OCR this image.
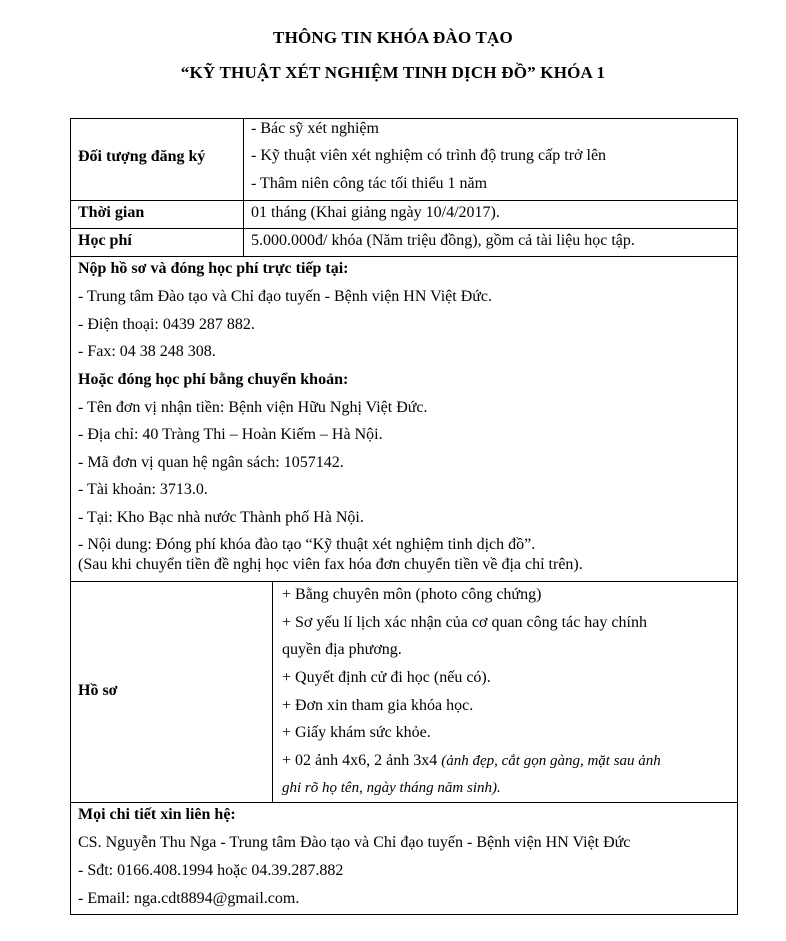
THÔNG TIN KHÓA ĐÀO TẠO
“KỸ THUẬT XÉT NGHIỆM TINH DỊCH ĐỒ” KHÓA 1
Đối tượng đăng ký
- Bác sỹ xét nghiệm
- Kỹ thuật viên xét nghiệm có trình độ trung cấp trở lên
- Thâm niên công tác tối thiểu 1 năm
Thời gian	01 tháng (Khai giảng ngày 10/4/2017).
Học phí	5.000.000đ/ khóa (Năm triệu đồng), gồm cả tài liệu học tập.
Nộp hồ sơ và đóng học phí trực tiếp tại:
- Trung tâm Đào tạo và Chỉ đạo tuyến - Bệnh viện HN Việt Đức.
- Điện thoại: 0439 287 882.
- Fax: 04 38 248 308.
Hoặc đóng học phí bằng chuyển khoản:
- Tên đơn vị nhận tiền: Bệnh viện Hữu Nghị Việt Đức.
- Địa chỉ: 40 Tràng Thi – Hoàn Kiếm – Hà Nội.
- Mã đơn vị quan hệ ngân sách: 1057142.
- Tài khoản: 3713.0.
- Tại: Kho Bạc nhà nước Thành phố Hà Nội.
- Nội dung: Đóng phí khóa đào tạo “Kỹ thuật xét nghiệm tinh dịch đồ”.
(Sau khi chuyển tiền đề nghị học viên fax hóa đơn chuyển tiền về địa chỉ trên).
Hồ sơ
+ Bằng chuyên môn (photo công chứng)
+ Sơ yếu lí lịch xác nhận của cơ quan công tác hay chính
quyền địa phương.
+ Quyết định cử đi học (nếu có).
+ Đơn xin tham gia khóa học.
+ Giấy khám sức khỏe.
+ 02 ảnh 4x6, 2 ảnh 3x4 (ảnh đẹp, cắt gọn gàng, mặt sau ảnh
ghi rõ họ tên, ngày tháng năm sinh).
Mọi chi tiết xin liên hệ:
CS. Nguyễn Thu Nga - Trung tâm Đào tạo và Chỉ đạo tuyến - Bệnh viện HN Việt Đức
- Sđt: 0166.408.1994 hoặc 04.39.287.882
- Email: nga.cdt8894@gmail.com.
